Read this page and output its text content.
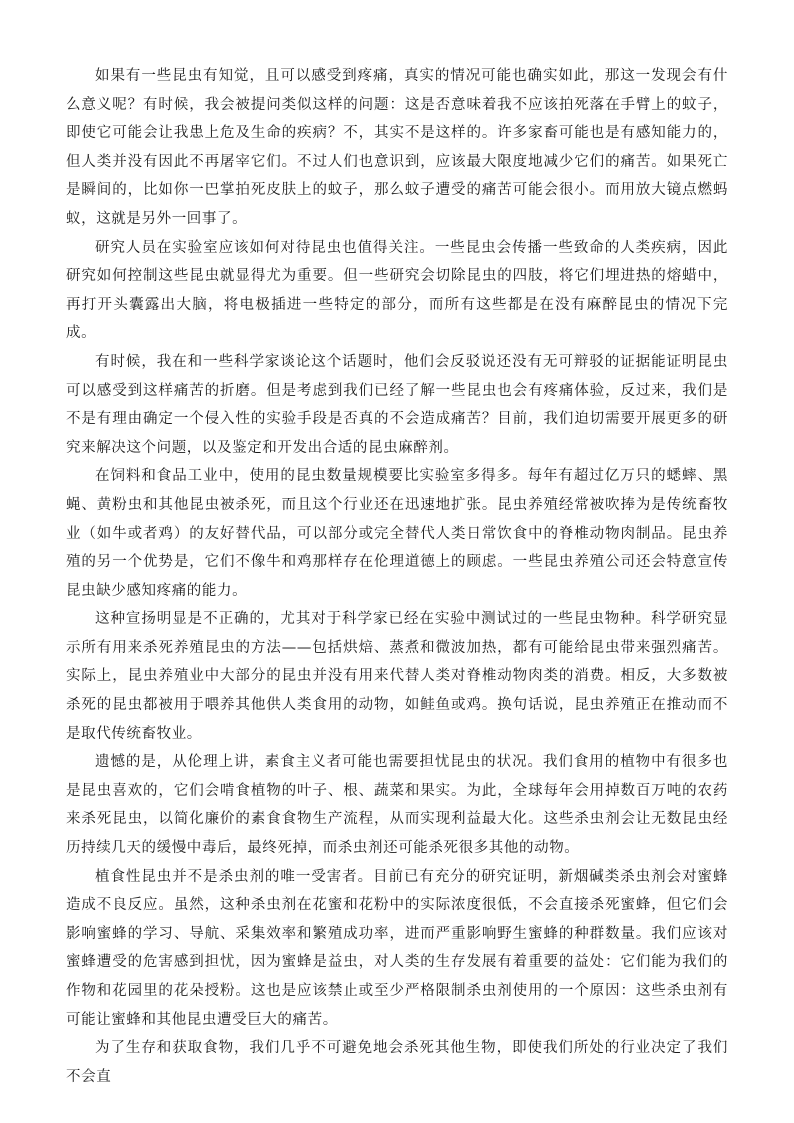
如果有一些昆虫有知觉，且可以感受到疼痛，真实的情况可能也确实如此，那这一发现会有什么意义呢？有时候，我会被提问类似这样的问题：这是否意味着我不应该拍死落在手臂上的蚊子，即使它可能会让我患上危及生命的疾病？不，其实不是这样的。许多家畜可能也是有感知能力的，但人类并没有因此不再屠宰它们。不过人们也意识到，应该最大限度地减少它们的痛苦。如果死亡是瞬间的，比如你一巴掌拍死皮肤上的蚊子，那么蚊子遭受的痛苦可能会很小。而用放大镜点燃蚂蚁，这就是另外一回事了。

研究人员在实验室应该如何对待昆虫也值得关注。一些昆虫会传播一些致命的人类疾病，因此研究如何控制这些昆虫就显得尤为重要。但一些研究会切除昆虫的四肢，将它们埋进热的熔蜡中，再打开头囊露出大脑，将电极插进一些特定的部分，而所有这些都是在没有麻醉昆虫的情况下完成。

有时候，我在和一些科学家谈论这个话题时，他们会反驳说还没有无可辩驳的证据能证明昆虫可以感受到这样痛苦的折磨。但是考虑到我们已经了解一些昆虫也会有疼痛体验，反过来，我们是不是有理由确定一个侵入性的实验手段是否真的不会造成痛苦？目前，我们迫切需要开展更多的研究来解决这个问题，以及鉴定和开发出合适的昆虫麻醉剂。

在饲料和食品工业中，使用的昆虫数量规模要比实验室多得多。每年有超过亿万只的蟋蟀、黑蝇、黄粉虫和其他昆虫被杀死，而且这个行业还在迅速地扩张。昆虫养殖经常被吹捧为是传统畜牧业（如牛或者鸡）的友好替代品，可以部分或完全替代人类日常饮食中的脊椎动物肉制品。昆虫养殖的另一个优势是，它们不像牛和鸡那样存在伦理道德上的顾虑。一些昆虫养殖公司还会特意宣传昆虫缺少感知疼痛的能力。

这种宣扬明显是不正确的，尤其对于科学家已经在实验中测试过的一些昆虫物种。科学研究显示所有用来杀死养殖昆虫的方法——包括烘焙、蒸煮和微波加热，都有可能给昆虫带来强烈痛苦。实际上，昆虫养殖业中大部分的昆虫并没有用来代替人类对脊椎动物肉类的消费。相反，大多数被杀死的昆虫都被用于喂养其他供人类食用的动物，如鲑鱼或鸡。换句话说，昆虫养殖正在推动而不是取代传统畜牧业。

遗憾的是，从伦理上讲，素食主义者可能也需要担忧昆虫的状况。我们食用的植物中有很多也是昆虫喜欢的，它们会啃食植物的叶子、根、蔬菜和果实。为此，全球每年会用掉数百万吨的农药来杀死昆虫，以简化廉价的素食食物生产流程，从而实现利益最大化。这些杀虫剂会让无数昆虫经历持续几天的缓慢中毒后，最终死掉，而杀虫剂还可能杀死很多其他的动物。

植食性昆虫并不是杀虫剂的唯一受害者。目前已有充分的研究证明，新烟碱类杀虫剂会对蜜蜂造成不良反应。虽然，这种杀虫剂在花蜜和花粉中的实际浓度很低，不会直接杀死蜜蜂，但它们会影响蜜蜂的学习、导航、采集效率和繁殖成功率，进而严重影响野生蜜蜂的种群数量。我们应该对蜜蜂遭受的危害感到担忧，因为蜜蜂是益虫，对人类的生存发展有着重要的益处：它们能为我们的作物和花园里的花朵授粉。这也是应该禁止或至少严格限制杀虫剂使用的一个原因：这些杀虫剂有可能让蜜蜂和其他昆虫遭受巨大的痛苦。

为了生存和获取食物，我们几乎不可避免地会杀死其他生物，即使我们所处的行业决定了我们不会直
